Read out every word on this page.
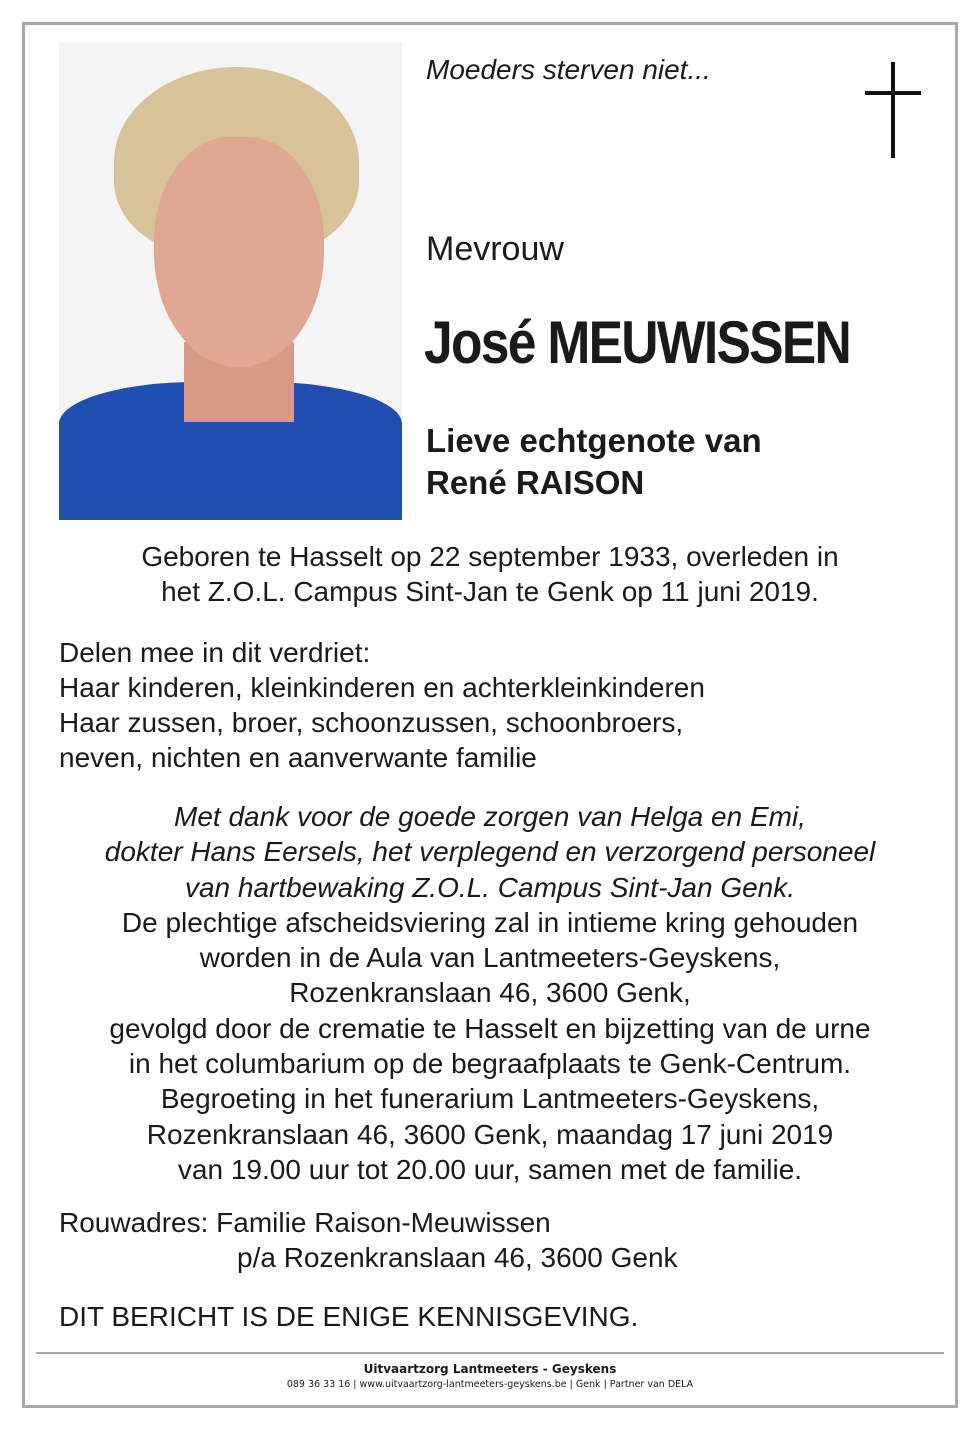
Moeders sterven niet...
Mevrouw
José MEUWISSEN
Lieve echtgenote van
René RAISON
Geboren te Hasselt op 22 september 1933, overleden in
het Z.O.L. Campus Sint-Jan te Genk op 11 juni 2019.
Delen mee in dit verdriet:
Haar kinderen, kleinkinderen en achterkleinkinderen
Haar zussen, broer, schoonzussen, schoonbroers,
neven, nichten en aanverwante familie
Met dank voor de goede zorgen van Helga en Emi,
dokter Hans Eersels, het verplegend en verzorgend personeel
van hartbewaking Z.O.L. Campus Sint-Jan Genk.
De plechtige afscheidsviering zal in intieme kring gehouden
worden in de Aula van Lantmeeters-Geyskens,
Rozenkranslaan 46, 3600 Genk,
gevolgd door de crematie te Hasselt en bijzetting van de urne
in het columbarium op de begraafplaats te Genk-Centrum.
Begroeting in het funerarium Lantmeeters-Geyskens,
Rozenkranslaan 46, 3600 Genk, maandag 17 juni 2019
van 19.00 uur tot 20.00 uur, samen met de familie.
Rouwadres: Familie Raison-Meuwissen
p/a Rozenkranslaan 46, 3600 Genk
DIT BERICHT IS DE ENIGE KENNISGEVING.
Uitvaartzorg Lantmeeters - Geyskens
089 36 33 16 | www.uitvaartzorg-lantmeeters-geyskens.be | Genk | Partner van DELA
